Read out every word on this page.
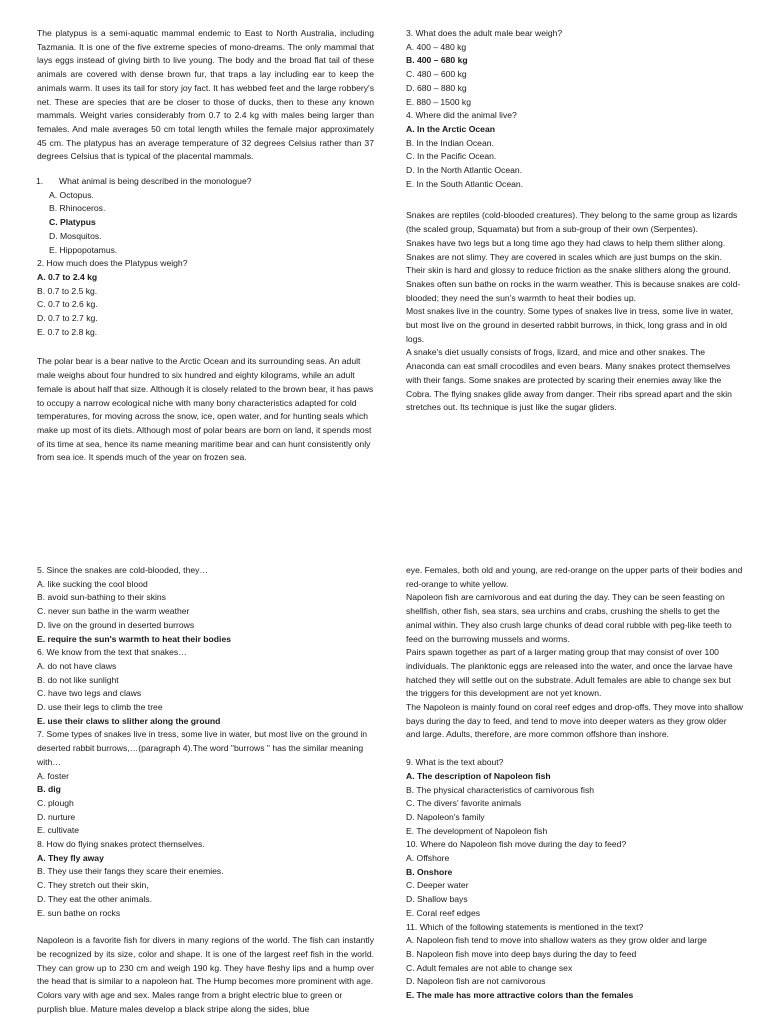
The platypus is a semi-aquatic mammal endemic to East to North Australia, including Tazmania. It is one of the five extreme species of mono-dreams. The only mammal that lays eggs instead of giving birth to live young. The body and the broad flat tail of these animals are covered with dense brown fur, that traps a lay including ear to keep the animals warm. It uses its tail for story joy fact. It has webbed feet and the large robbery's net. These are species that are be closer to those of ducks, then to these any known mammals. Weight varies considerably from 0.7 to 2.4 kg with males being larger than females. And male averages 50 cm total length whiles the female major approximately 45 cm. The platypus has an average temperature of 32 degrees Celsius rather than 37 degrees Celsius that is typical of the placental mammals.

1. What animal is being described in the monologue?

A. Octopus.

B. Rhinoceros.

C. Platypus

D. Mosquitos.

E. Hippopotamus.

2. How much does the Platypus weigh?

A. 0.7 to 2.4 kg

B. 0.7 to 2.5 kg.

C. 0.7 to 2.6 kg.

D. 0.7 to 2.7 kg.

E. 0.7 to 2.8 kg.

The polar bear is a bear native to the Arctic Ocean and its surrounding seas. An adult male weighs about four hundred to six hundred and eighty kilograms, while an adult female is about half that size. Although it is closely related to the brown bear, it has paws to occupy a narrow ecological niche with many bony characteristics adapted for cold temperatures, for moving across the snow, ice, open water, and for hunting seals which make up most of its diets. Although most of polar bears are born on land, it spends most of its time at sea, hence its name meaning maritime bear and can hunt consistently only from sea ice. It spends much of the year on frozen sea.

3. What does the adult male bear weigh?

A. 400 – 480 kg

B. 400 – 680 kg

C. 480 – 600 kg

D. 680 – 880 kg

E. 880 – 1500 kg

4. Where did the animal live?

A. In the Arctic Ocean

B. In the Indian Ocean.

C. In the Pacific Ocean.

D. In the North Atlantic Ocean.

E. In the South Atlantic Ocean.

Snakes are reptiles (cold-blooded creatures). They belong to the same group as lizards (the scaled group, Squamata) but from a sub-group of their own (Serpentes).

Snakes have two legs but a long time ago they had claws to help them slither along. Snakes are not slimy. They are covered in scales which are just bumps on the skin. Their skin is hard and glossy to reduce friction as the snake slithers along the ground.

Snakes often sun bathe on rocks in the warm weather. This is because snakes are cold-blooded; they need the sun's warmth to heat their bodies up.

Most snakes live in the country. Some types of snakes live in tress, some live in water, but most live on the ground in deserted rabbit burrows, in thick, long grass and in old logs.

A snake's diet usually consists of frogs, lizard, and mice and other snakes. The Anaconda can eat small crocodiles and even bears. Many snakes protect themselves with their fangs. Some snakes are protected by scaring their enemies away like the Cobra. The flying snakes glide away from danger. Their ribs spread apart and the skin stretches out. Its technique is just like the sugar gliders.

5. Since the snakes are cold-blooded, they…

A. like sucking the cool blood

B. avoid sun-bathing to their skins

C. never sun bathe in the warm weather

D. live on the ground in deserted burrows

E. require the sun's warmth to heat their bodies

6. We know from the text that snakes…

A. do not have claws

B. do not like sunlight

C. have two legs and claws

D. use their legs to climb the tree

E. use their claws to slither along the ground

7. Some types of snakes live in tress, some live in water, but most live on the ground in deserted rabbit burrows,…(paragraph 4).The word "burrows " has the similar meaning with…

A. foster

B. dig

C. plough

D. nurture

E. cultivate

8. How do flying snakes protect themselves.

A. They fly away

B. They use their fangs they scare their enemies.

C. They stretch out their skin,

D. They eat the other animals.

E. sun bathe on rocks

Napoleon is a favorite fish for divers in many regions of the world. The fish can instantly be recognized by its size, color and shape. It is one of the largest reef fish in the world. They can grow up to 230 cm and weigh 190 kg. They have fleshy lips and a hump over the head that is similar to a napoleon hat. The Hump becomes more prominent with age.

Colors vary with age and sex. Males range from a bright electric blue to green or purplish blue. Mature males develop a black stripe along the sides, blue

eye. Females, both old and young, are red-orange on the upper parts of their bodies and red-orange to white yellow.

Napoleon fish are carnivorous and eat during the day. They can be seen feasting on shellfish, other fish, sea stars, sea urchins and crabs, crushing the shells to get the animal within. They also crush large chunks of dead coral rubble with peg-like teeth to feed on the burrowing mussels and worms.

Pairs spawn together as part of a larger mating group that may consist of over 100 individuals. The planktonic eggs are released into the water, and once the larvae have hatched they will settle out on the substrate. Adult females are able to change sex but the triggers for this development are not yet known.

The Napoleon is mainly found on coral reef edges and drop-offs. They move into shallow bays during the day to feed, and tend to move into deeper waters as they grow older and large. Adults, therefore, are more common offshore than inshore.

9. What is the text about?

A. The description of Napoleon fish

B. The physical characteristics of carnivorous fish

C. The divers' favorite animals

D. Napoleon's family

E. The development of Napoleon fish

10. Where do Napoleon fish move during the day to feed?

A. Offshore

B. Onshore

C. Deeper water

D. Shallow bays

E. Coral reef edges

11. Which of the following statements is mentioned in the text?

A. Napoleon fish tend to move into shallow waters as they grow older and large

B. Napoleon fish move into deep bays during the day to feed

C. Adult females are not able to change sex

D. Napoleon fish are not carnivorous

E. The male has more attractive colors than the females
